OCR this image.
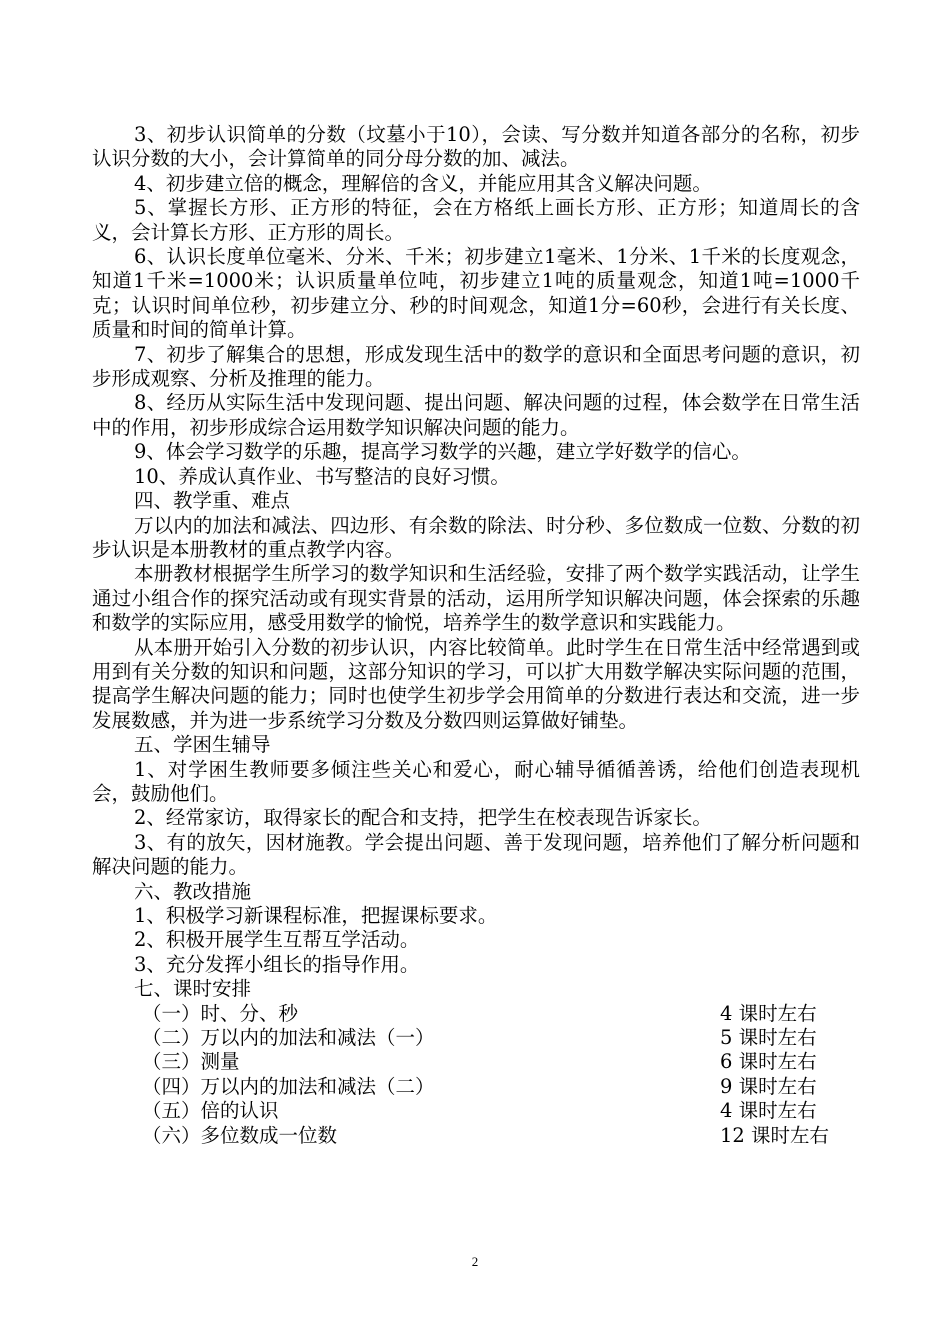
3、初步认识简单的分数（坟墓小于10），会读、写分数并知道各部分的名称，初步认识分数的大小，会计算简单的同分母分数的加、减法。

4、初步建立倍的概念，理解倍的含义，并能应用其含义解决问题。

5、掌握长方形、正方形的特征，会在方格纸上画长方形、正方形；知道周长的含义，会计算长方形、正方形的周长。

6、认识长度单位毫米、分米、千米；初步建立1毫米、1分米、1千米的长度观念，知道1千米=1000米；认识质量单位吨，初步建立1吨的质量观念，知道1吨=1000千克；认识时间单位秒，初步建立分、秒的时间观念，知道1分=60秒，会进行有关长度、质量和时间的简单计算。

7、初步了解集合的思想，形成发现生活中的数学的意识和全面思考问题的意识，初步形成观察、分析及推理的能力。

8、经历从实际生活中发现问题、提出问题、解决问题的过程，体会数学在日常生活中的作用，初步形成综合运用数学知识解决问题的能力。

9、体会学习数学的乐趣，提高学习数学的兴趣，建立学好数学的信心。

10、养成认真作业、书写整洁的良好习惯。

四、教学重、难点

万以内的加法和减法、四边形、有余数的除法、时分秒、多位数成一位数、分数的初步认识是本册教材的重点教学内容。

本册教材根据学生所学习的数学知识和生活经验，安排了两个数学实践活动，让学生通过小组合作的探究活动或有现实背景的活动，运用所学知识解决问题，体会探索的乐趣和数学的实际应用，感受用数学的愉悦，培养学生的数学意识和实践能力。

从本册开始引入分数的初步认识，内容比较简单。此时学生在日常生活中经常遇到或用到有关分数的知识和问题，这部分知识的学习，可以扩大用数学解决实际问题的范围，提高学生解决问题的能力；同时也使学生初步学会用简单的分数进行表达和交流，进一步发展数感，并为进一步系统学习分数及分数四则运算做好铺垫。

五、学困生辅导

1、对学困生教师要多倾注些关心和爱心，耐心辅导循循善诱，给他们创造表现机会，鼓励他们。

2、经常家访，取得家长的配合和支持，把学生在校表现告诉家长。

3、有的放矢，因材施教。学会提出问题、善于发现问题，培养他们了解分析问题和解决问题的能力。

六、教改措施

1、积极学习新课程标准，把握课标要求。

2、积极开展学生互帮互学活动。

3、充分发挥小组长的指导作用。

七、课时安排

（一）时、分、秒	4 课时左右
（二）万以内的加法和减法（一）	5 课时左右
（三）测量	6 课时左右
（四）万以内的加法和减法（二）	9 课时左右
（五）倍的认识	4 课时左右
（六）多位数成一位数	12 课时左右
2
